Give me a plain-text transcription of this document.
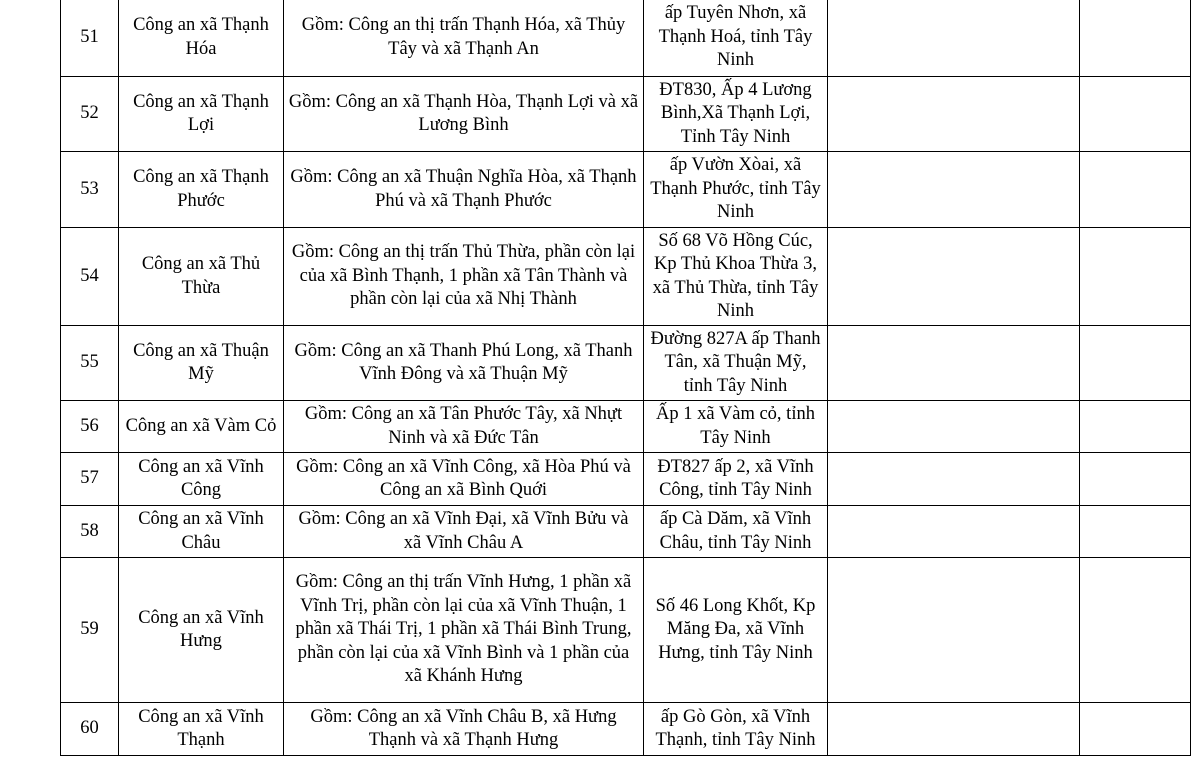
51	Công an xã Thạnh Hóa	Gồm: Công an thị trấn Thạnh Hóa, xã Thủy Tây và xã Thạnh An	ấp Tuyên Nhơn, xã Thạnh Hoá, tỉnh Tây Ninh		
52	Công an xã Thạnh Lợi	Gồm: Công an xã Thạnh Hòa, Thạnh Lợi và xã Lương Bình	ĐT830, Ấp 4 Lương Bình,Xã Thạnh Lợi, Tỉnh Tây Ninh		
53	Công an xã Thạnh Phước	Gồm: Công an xã Thuận Nghĩa Hòa, xã Thạnh Phú và xã Thạnh Phước	ấp Vườn Xòai, xã Thạnh Phước, tỉnh Tây Ninh		
54	Công an xã Thủ Thừa	Gồm: Công an thị trấn Thủ Thừa, phần còn lại của xã Bình Thạnh, 1 phần xã Tân Thành và phần còn lại của xã Nhị Thành	Số 68 Võ Hồng Cúc, Kp Thủ Khoa Thừa 3, xã Thủ Thừa, tỉnh Tây Ninh		
55	Công an xã Thuận Mỹ	Gồm: Công an xã Thanh Phú Long, xã Thanh Vĩnh Đông và xã Thuận Mỹ	Đường 827A ấp Thanh Tân, xã Thuận Mỹ, tỉnh Tây Ninh		
56	Công an xã Vàm Cỏ	Gồm: Công an xã Tân Phước Tây, xã Nhựt Ninh và xã Đức Tân	Ấp 1 xã Vàm cỏ, tỉnh Tây Ninh		
57	Công an xã Vĩnh Công	Gồm: Công an xã Vĩnh Công, xã Hòa Phú và Công an xã Bình Quới	ĐT827 ấp 2, xã Vĩnh Công, tỉnh Tây Ninh		
58	Công an xã Vĩnh Châu	Gồm: Công an xã Vĩnh Đại, xã Vĩnh Bửu và xã Vĩnh Châu A	ấp Cà Dăm, xã Vĩnh Châu, tỉnh Tây Ninh		
59	Công an xã Vĩnh Hưng	Gồm: Công an thị trấn Vĩnh Hưng, 1 phần xã Vĩnh Trị, phần còn lại của xã Vĩnh Thuận, 1 phần xã Thái Trị, 1 phần xã Thái Bình Trung, phần còn lại của xã Vĩnh Bình và 1 phần của xã Khánh Hưng	Số 46 Long Khốt, Kp Măng Đa, xã Vĩnh Hưng, tỉnh Tây Ninh		
60	Công an xã Vĩnh Thạnh	Gồm: Công an xã Vĩnh Châu B, xã Hưng Thạnh và xã Thạnh Hưng	ấp Gò Gòn, xã Vĩnh Thạnh, tỉnh Tây Ninh		
